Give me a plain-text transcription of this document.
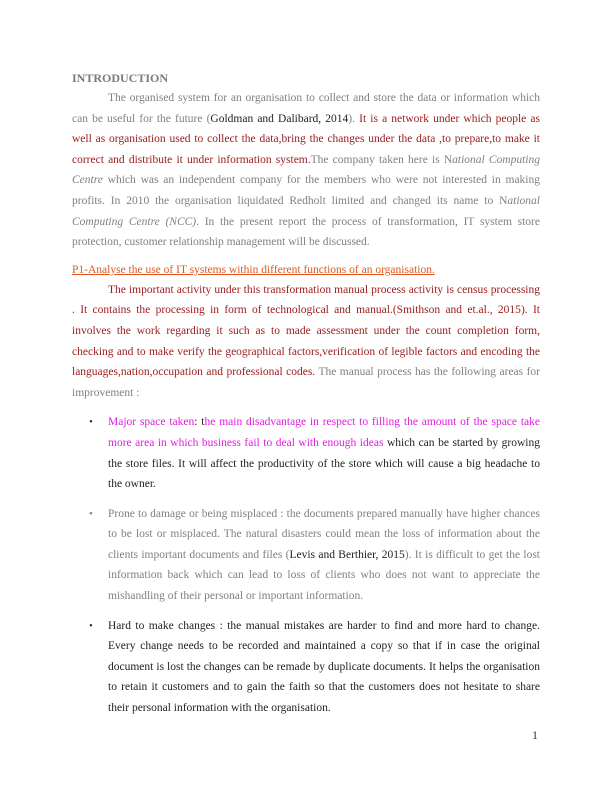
INTRODUCTION

The organised system for an organisation to collect and store the data or information which can be useful for the future (Goldman and Dalibard, 2014). It is a network under which people as well as organisation used to collect the data,bring the changes under the data ,to prepare,to make it correct and distribute it under information system.The company taken here is National Computing Centre which was an independent company for the members who were not interested in making profits. In 2010 the organisation liquidated Redholt limited and changed its name to National Computing Centre (NCC). In the present report the process of transformation, IT system store protection, customer relationship management will be discussed.

P1-Analyse the use of IT systems within different functions of an organisation.

The important activity under this transformation manual process activity is census processing . It contains the processing in form of technological and manual.(Smithson and et.al., 2015). It involves the work regarding it such as to made assessment under the count completion form, checking and to make verify the geographical factors,verification of legible factors and encoding the languages,nation,occupation and professional codes. The manual process has the following areas for improvement :

• Major space taken: the main disadvantage in respect to filling the amount of the space take more area in which business fail to deal with enough ideas which can be started by growing the store files. It will affect the productivity of the store which will cause a big headache to the owner.

• Prone to damage or being misplaced : the documents prepared manually have higher chances to be lost or misplaced. The natural disasters could mean the loss of information about the clients important documents and files (Levis and Berthier, 2015). It is difficult to get the lost information back which can lead to loss of clients who does not want to appreciate the mishandling of their personal or important information.

• Hard to make changes : the manual mistakes are harder to find and more hard to change. Every change needs to be recorded and maintained a copy so that if in case the original document is lost the changes can be remade by duplicate documents. It helps the organisation to retain it customers and to gain the faith so that the customers does not hesitate to share their personal information with the organisation.

1
